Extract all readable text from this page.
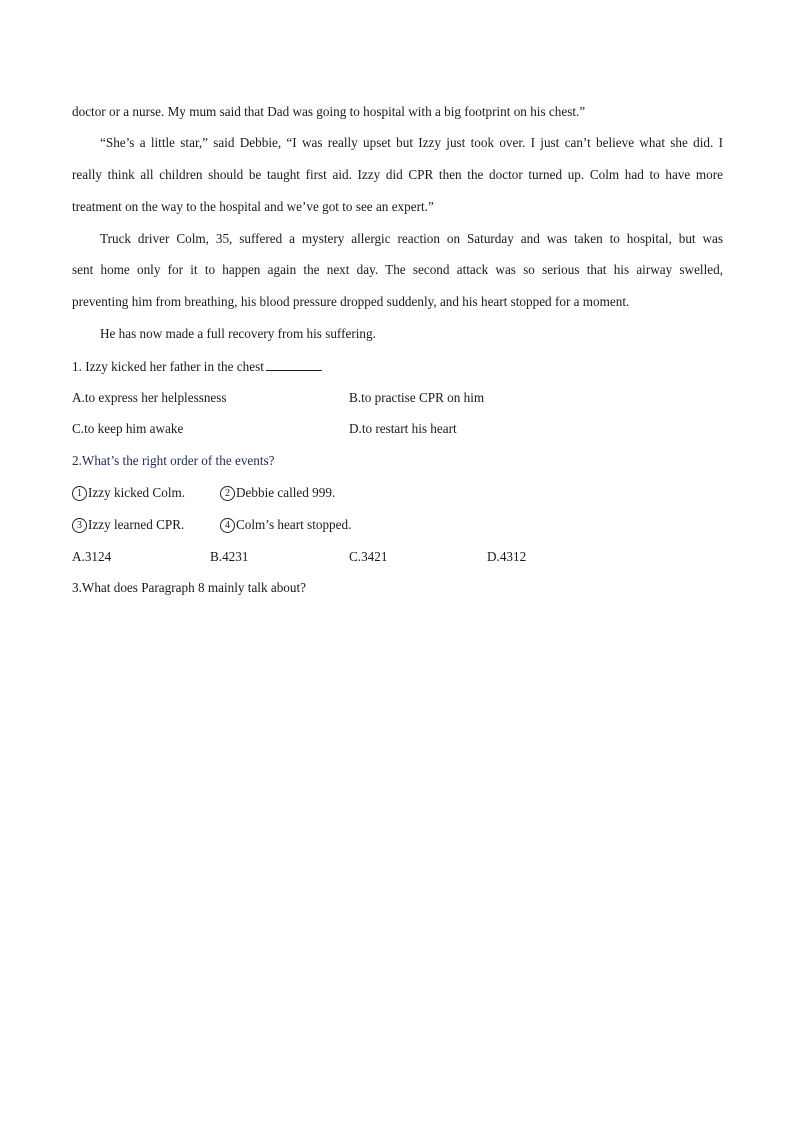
doctor or a nurse. My mum said that Dad was going to hospital with a big footprint on his chest.”
“She’s a little star,” said Debbie, “I was really upset but Izzy just took over. I just can’t believe what she did. I
really think all children should be taught first aid. Izzy did CPR then the doctor turned up. Colm had to have more
treatment on the way to the hospital and we’ve got to see an expert.”
Truck driver Colm, 35, suffered a mystery allergic reaction on Saturday and was taken to hospital, but was
sent home only for it to happen again the next day. The second attack was so serious that his airway swelled,
preventing him from breathing, his blood pressure dropped suddenly, and his heart stopped for a moment.
He has now made a full recovery from his suffering.
1. Izzy kicked her father in the chest
A.to express her helplessness	B.to practise CPR on him
C.to keep him awake	D.to restart his heart
2.What’s the right order of the events?
1 Izzy kicked Colm.	2 Debbie called 999.
3 Izzy learned CPR.	4 Colm’s heart stopped.
A.3124	B.4231	C.3421	D.4312
3.What does Paragraph 8 mainly talk about?
